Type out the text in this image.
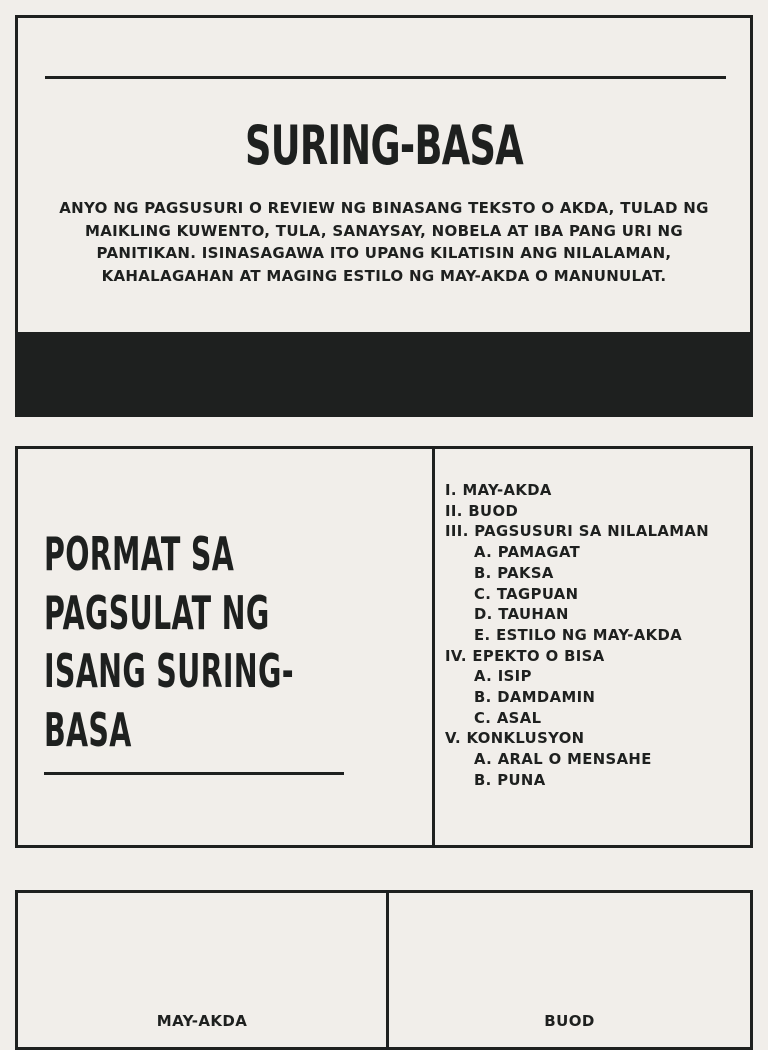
SURING-BASA
ANYO NG PAGSUSURI O REVIEW NG BINASANG TEKSTO O AKDA, TULAD NG MAIKLING KUWENTO, TULA, SANAYSAY, NOBELA AT IBA PANG URI NG PANITIKAN. ISINASAGAWA ITO UPANG KILATISIN ANG NILALAMAN, KAHALAGAHAN AT MAGING ESTILO NG MAY-AKDA O MANUNULAT.
PORMAT SA PAGSULAT NG ISANG SURING-BASA
I. MAY-AKDA
II. BUOD
III. PAGSUSURI SA NILALAMAN
A. PAMAGAT
B. PAKSA
C. TAGPUAN
D. TAUHAN
E. ESTILO NG MAY-AKDA
IV. EPEKTO O BISA
A. ISIP
B. DAMDAMIN
C. ASAL
V. KONKLUSYON
A. ARAL O MENSAHE
B. PUNA
MAY-AKDA	BUOD
